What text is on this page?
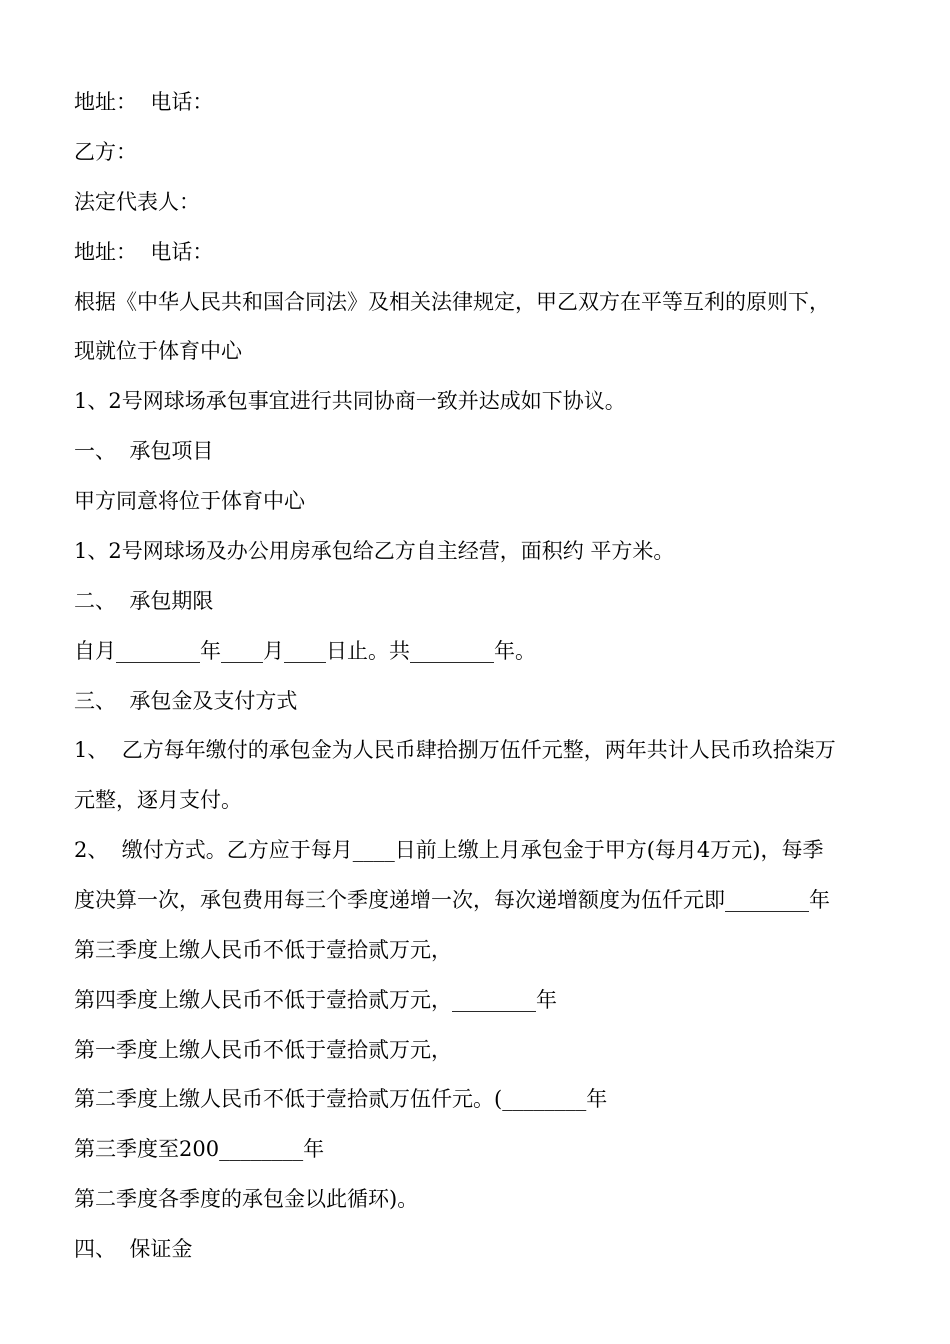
地址：  电话：
乙方：
法定代表人：
地址：  电话：
根据《中华人民共和国合同法》及相关法律规定，甲乙双方在平等互利的原则下，
现就位于体育中心
1、2号网球场承包事宜进行共同协商一致并达成如下协议。
一、  承包项目
甲方同意将位于体育中心
1、2号网球场及办公用房承包给乙方自主经营，面积约 平方米。
二、  承包期限
自月________年____月____日止。共________年。
三、  承包金及支付方式
1、  乙方每年缴付的承包金为人民币肆拾捌万伍仟元整，两年共计人民币玖拾柒万
元整，逐月支付。
2、  缴付方式。乙方应于每月____日前上缴上月承包金于甲方(每月4万元)，每季
度决算一次，承包费用每三个季度递增一次，每次递增额度为伍仟元即________年
第三季度上缴人民币不低于壹拾贰万元，
第四季度上缴人民币不低于壹拾贰万元，________年
第一季度上缴人民币不低于壹拾贰万元，
第二季度上缴人民币不低于壹拾贰万伍仟元。(________年
第三季度至200________年
第二季度各季度的承包金以此循环)。
四、  保证金
